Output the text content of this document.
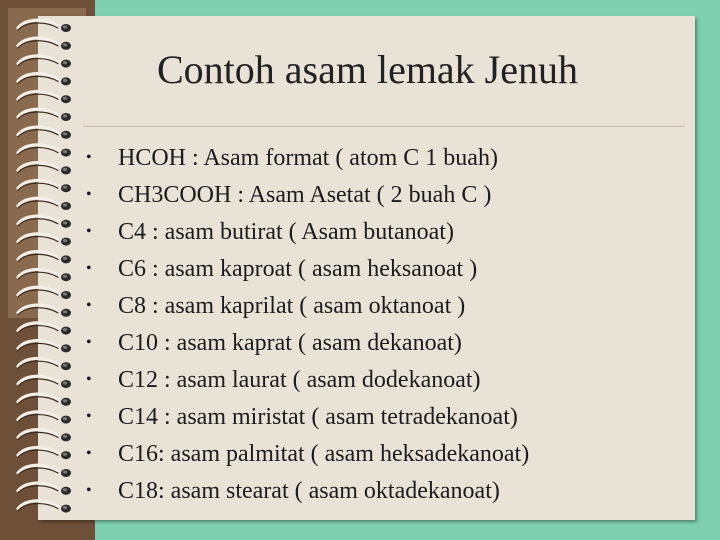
Contoh asam lemak Jenuh
• HCOH : Asam format ( atom C 1 buah)
• CH3COOH : Asam Asetat ( 2 buah C )
• C4 : asam butirat ( Asam butanoat)
• C6 : asam kaproat ( asam heksanoat )
• C8 : asam kaprilat ( asam oktanoat )
• C10 : asam kaprat ( asam dekanoat)
• C12 : asam laurat ( asam dodekanoat)
• C14 : asam miristat ( asam tetradekanoat)
• C16: asam palmitat ( asam heksadekanoat)
• C18: asam stearat ( asam oktadekanoat)
